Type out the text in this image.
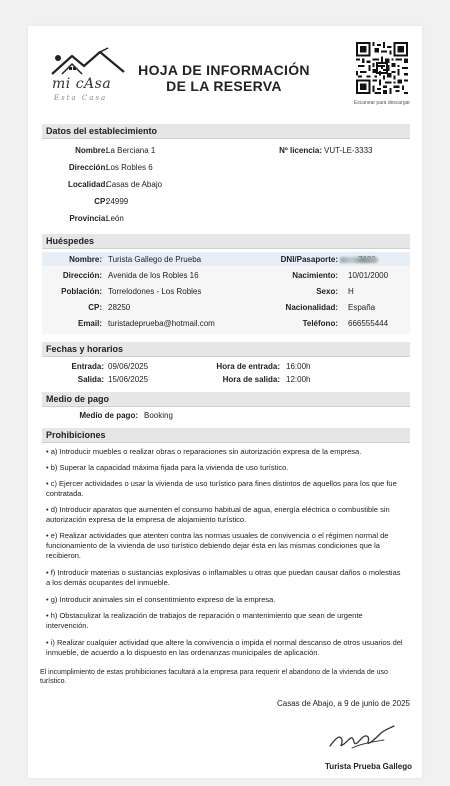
mi cAsa
Esta Casa
HOJA DE INFORMACIÓN
DE LA RESERVA
Escanear para descargar
Datos del establecimiento
Nombre:
La Berciana 1	Nº licencia: VUT-LE-3333
Dirección:
Los Robles 6
Localidad:
Casas de Abajo
CP:
24999
Provincia:
León
Huéspedes
Nombre: Turista Gallego de Prueba	DNI/Pasaporte:
Dirección: Avenida de los Robles 16	Nacimiento: 10/01/2000
Población: Torrelodones - Los Robles	Sexo: H
CP: 28250	Nacionalidad: España
Email: turistadeprueba@hotmail.com	Teléfono: 666555444
Fechas y horarios
Entrada: 09/06/2025	Hora de entrada: 16:00h
Salida: 15/06/2025	Hora de salida: 12:00h
Medio de pago
Medio de pago: Booking
Prohibiciones
• a) Introducir muebles o realizar obras o reparaciones sin autorización expresa de la empresa.
• b) Superar la capacidad máxima fijada para la vivienda de uso turístico.
• c) Ejercer actividades o usar la vivienda de uso turístico para fines distintos de aquellos para los que fue contratada.
• d) Introducir aparatos que aumenten el consumo habitual de agua, energía eléctrica o combustible sin autorización expresa de la empresa de alojamiento turístico.
• e) Realizar actividades que atenten contra las normas usuales de convivencia o el régimen normal de funcionamiento de la vivienda de uso turístico debiendo dejar ésta en las mismas condiciones que la recibieron.
• f) Introducir materias o sustancias explosivas o inflamables u otras que puedan causar daños o molestias a los demás ocupantes del inmueble.
• g) Introducir animales sin el consentimiento expreso de la empresa.
• h) Obstaculizar la realización de trabajos de reparación o mantenimiento que sean de urgente intervención.
• i) Realizar cualquier actividad que altere la convivencia o impida el normal descanso de otros usuarios del inmueble, de acuerdo a lo dispuesto en las ordenanzas municipales de aplicación.
El incumplimiento de estas prohibiciones facultará a la empresa para requerir el abandono de la vivienda de uso turístico.
Casas de Abajo, a 9 de junio de 2025
Turista Prueba Gallego
